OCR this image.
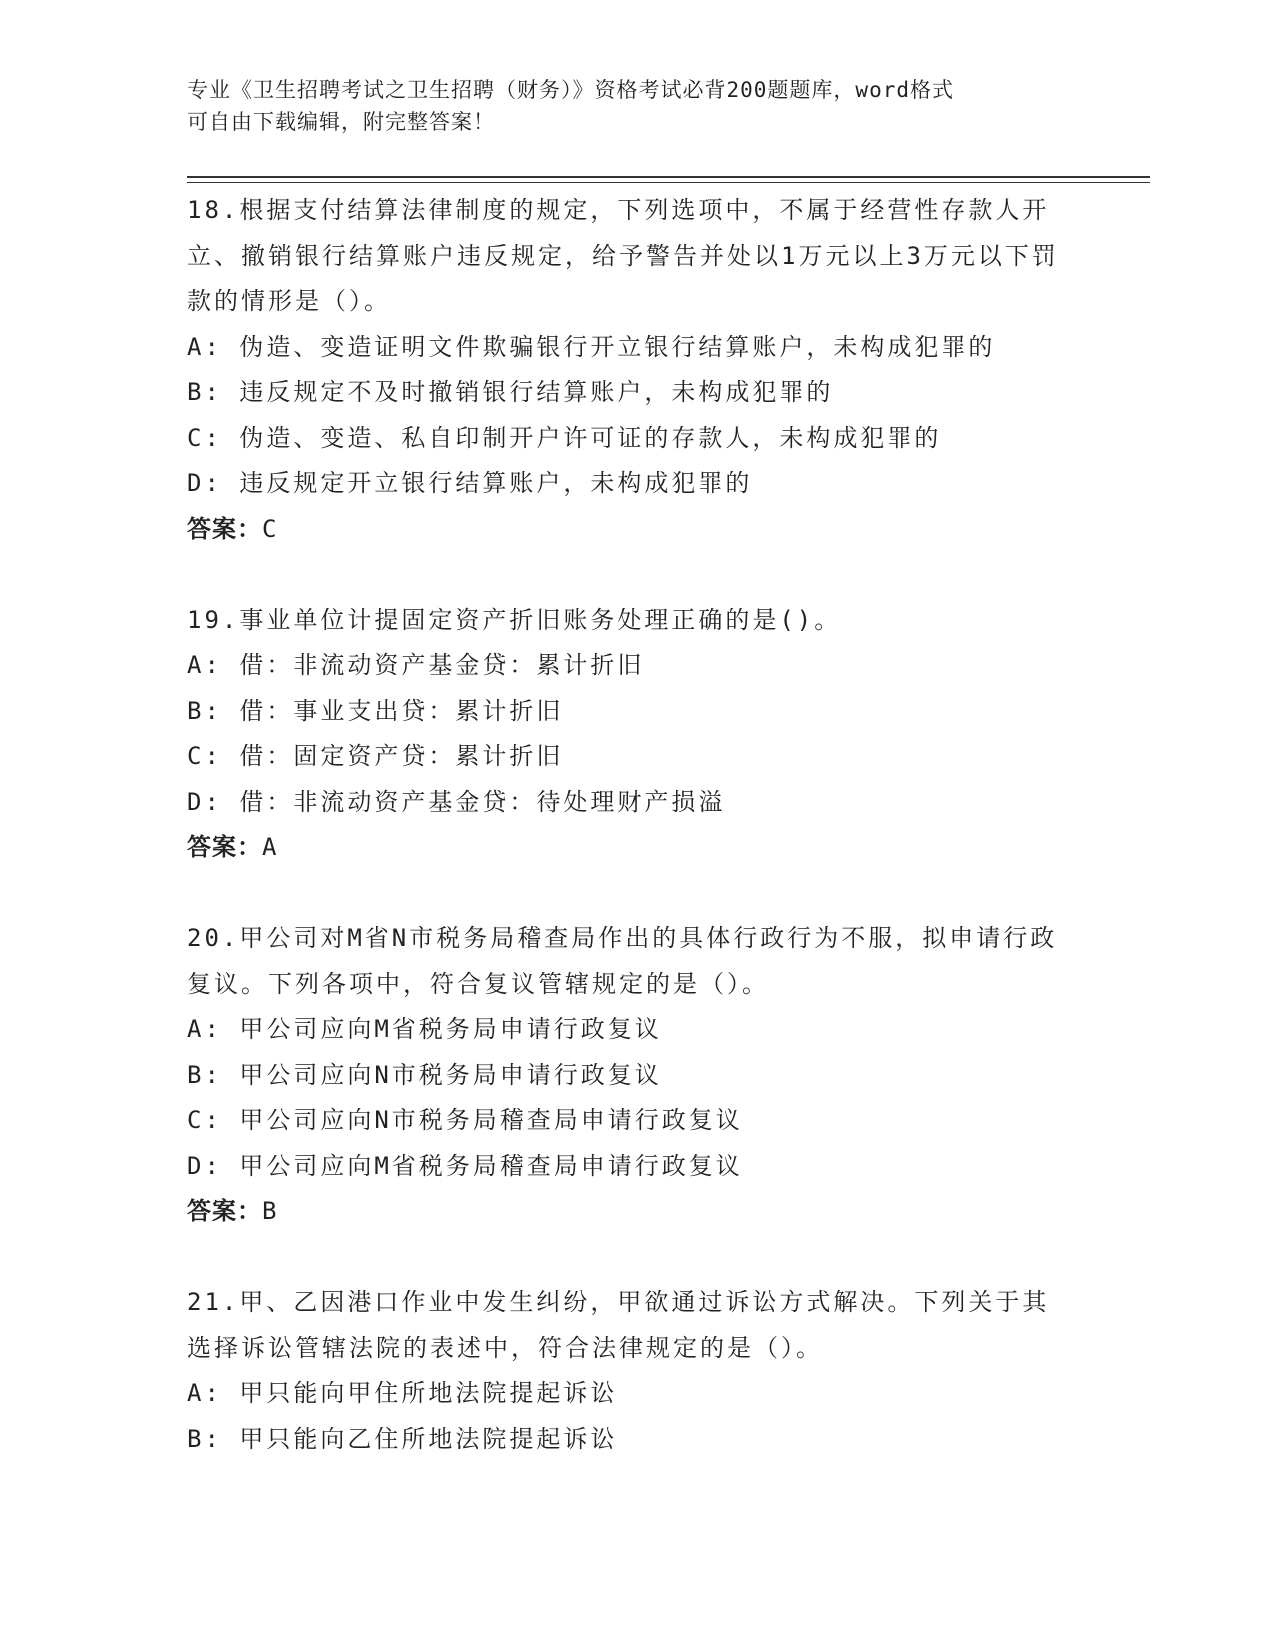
专业《卫生招聘考试之卫生招聘（财务）》资格考试必背200题题库，word格式
可自由下载编辑，附完整答案！

18.根据支付结算法律制度的规定，下列选项中，不属于经营性存款人开立、撤销银行结算账户违反规定，给予警告并处以1万元以上3万元以下罚款的情形是（）。

A: 伪造、变造证明文件欺骗银行开立银行结算账户，未构成犯罪的

B: 违反规定不及时撤销银行结算账户，未构成犯罪的

C: 伪造、变造、私自印制开户许可证的存款人，未构成犯罪的

D: 违反规定开立银行结算账户，未构成犯罪的

答案：C

19.事业单位计提固定资产折旧账务处理正确的是()。

A: 借：非流动资产基金贷：累计折旧

B: 借：事业支出贷：累计折旧

C: 借：固定资产贷：累计折旧

D: 借：非流动资产基金贷：待处理财产损溢

答案：A

20.甲公司对M省N市税务局稽查局作出的具体行政行为不服，拟申请行政复议。下列各项中，符合复议管辖规定的是（）。

A: 甲公司应向M省税务局申请行政复议

B: 甲公司应向N市税务局申请行政复议

C: 甲公司应向N市税务局稽查局申请行政复议

D: 甲公司应向M省税务局稽查局申请行政复议

答案：B

21.甲、乙因港口作业中发生纠纷，甲欲通过诉讼方式解决。下列关于其选择诉讼管辖法院的表述中，符合法律规定的是（）。

A: 甲只能向甲住所地法院提起诉讼

B: 甲只能向乙住所地法院提起诉讼
